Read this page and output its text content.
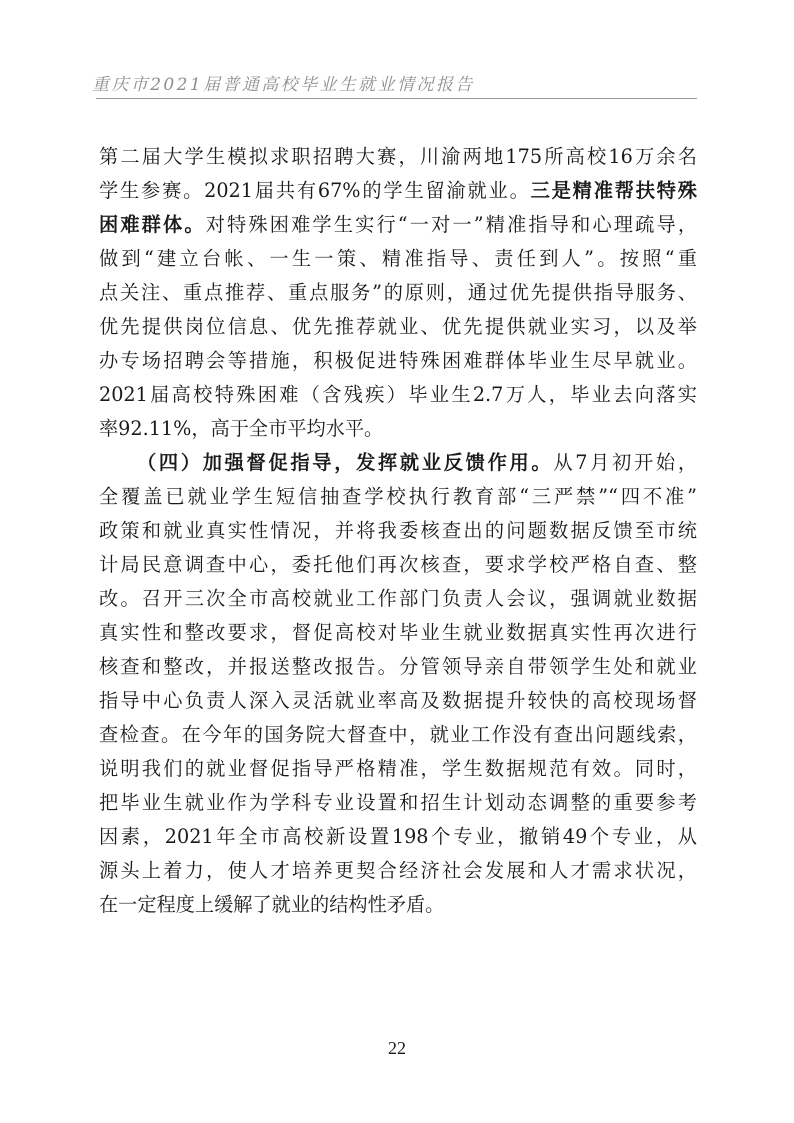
重庆市2021届普通高校毕业生就业情况报告
第二届大学生模拟求职招聘大赛，川渝两地175所高校16万余名
学生参赛。2021届共有67%的学生留渝就业。三是精准帮扶特殊
困难群体。对特殊困难学生实行“一对一”精准指导和心理疏导，
做到“建立台帐、一生一策、精准指导、责任到人”。按照“重
点关注、重点推荐、重点服务”的原则，通过优先提供指导服务、
优先提供岗位信息、优先推荐就业、优先提供就业实习，以及举
办专场招聘会等措施，积极促进特殊困难群体毕业生尽早就业。
2021届高校特殊困难（含残疾）毕业生2.7万人，毕业去向落实
率92.11%，高于全市平均水平。
（四）加强督促指导，发挥就业反馈作用。从7月初开始，
全覆盖已就业学生短信抽查学校执行教育部“三严禁”“四不准”
政策和就业真实性情况，并将我委核查出的问题数据反馈至市统
计局民意调查中心，委托他们再次核查，要求学校严格自查、整
改。召开三次全市高校就业工作部门负责人会议，强调就业数据
真实性和整改要求，督促高校对毕业生就业数据真实性再次进行
核查和整改，并报送整改报告。分管领导亲自带领学生处和就业
指导中心负责人深入灵活就业率高及数据提升较快的高校现场督
查检查。在今年的国务院大督查中，就业工作没有查出问题线索，
说明我们的就业督促指导严格精准，学生数据规范有效。同时，
把毕业生就业作为学科专业设置和招生计划动态调整的重要参考
因素，2021年全市高校新设置198个专业，撤销49个专业，从
源头上着力，使人才培养更契合经济社会发展和人才需求状况，
在一定程度上缓解了就业的结构性矛盾。
22
